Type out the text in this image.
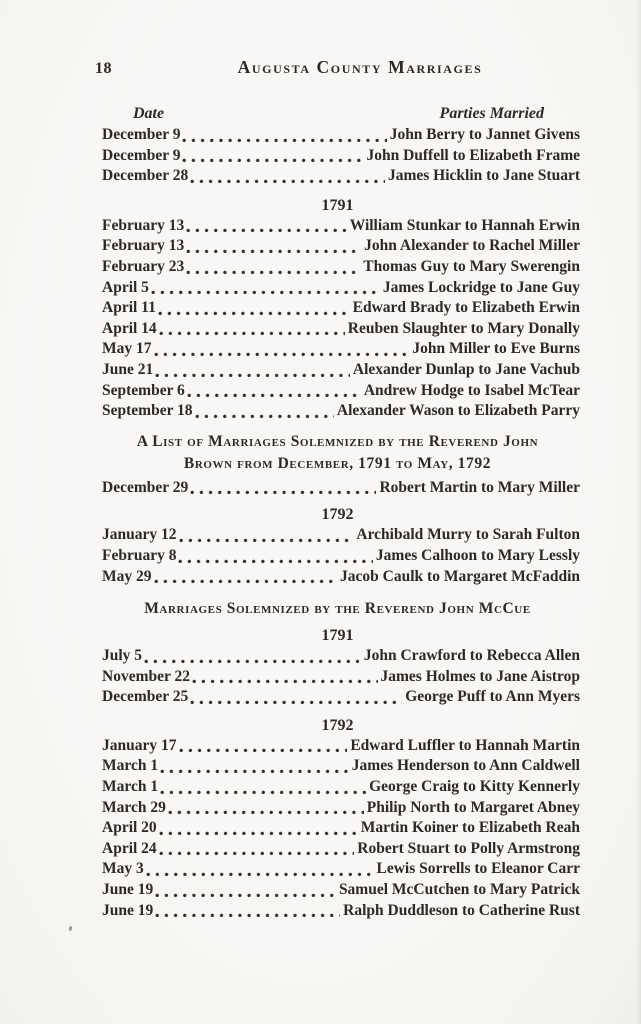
18	Augusta County Marriages
Date	Parties Married
December 9	John Berry to Jannet Givens
December 9	John Duffell to Elizabeth Frame
December 28	James Hicklin to Jane Stuart
1791
February 13	William Stunkar to Hannah Erwin
February 13	John Alexander to Rachel Miller
February 23	Thomas Guy to Mary Swerengin
April 5	James Lockridge to Jane Guy
April 11	Edward Brady to Elizabeth Erwin
April 14	Reuben Slaughter to Mary Donally
May 17	John Miller to Eve Burns
June 21	Alexander Dunlap to Jane Vachub
September 6	Andrew Hodge to Isabel McTear
September 18	Alexander Wason to Elizabeth Parry
A List of Marriages Solemnized by the Reverend John
Brown from December, 1791 to May, 1792
December 29	Robert Martin to Mary Miller
1792
January 12	Archibald Murry to Sarah Fulton
February 8	James Calhoon to Mary Lessly
May 29	Jacob Caulk to Margaret McFaddin
Marriages Solemnized by the Reverend John McCue
1791
July 5	John Crawford to Rebecca Allen
November 22	James Holmes to Jane Aistrop
December 25	George Puff to Ann Myers
1792
January 17	Edward Luffler to Hannah Martin
March 1	James Henderson to Ann Caldwell
March 1	George Craig to Kitty Kennerly
March 29	Philip North to Margaret Abney
April 20	Martin Koiner to Elizabeth Reah
April 24	Robert Stuart to Polly Armstrong
May 3	Lewis Sorrells to Eleanor Carr
June 19	Samuel McCutchen to Mary Patrick
June 19	Ralph Duddleson to Catherine Rust
